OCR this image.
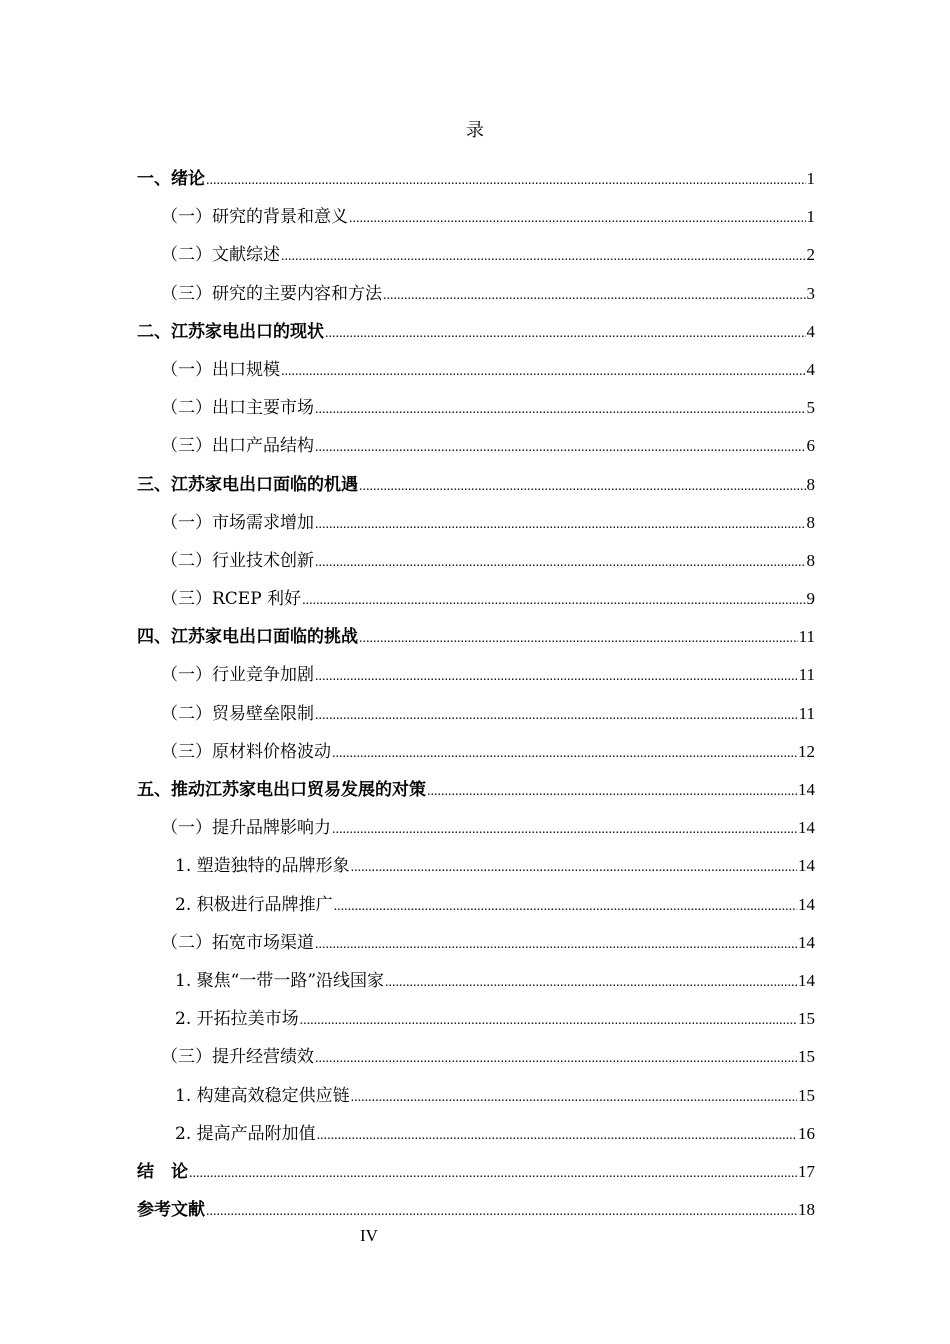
录
一、绪论 .....	1
（一）研究的背景和意义 .....	1
（二）文献综述 .....	2
（三）研究的主要内容和方法 .....	3
二、江苏家电出口的现状 .....	4
（一）出口规模 .....	4
（二）出口主要市场 .....	5
（三）出口产品结构 .....	6
三、江苏家电出口面临的机遇 .....	8
（一）市场需求增加 .....	8
（二）行业技术创新 .....	8
（三）RCEP 利好 .....	9
四、江苏家电出口面临的挑战 .....	11
（一）行业竞争加剧 .....	11
（二）贸易壁垒限制 .....	11
（三）原材料价格波动 .....	12
五、推动江苏家电出口贸易发展的对策 .....	14
（一）提升品牌影响力 .....	14
1. 塑造独特的品牌形象 .....	14
2. 积极进行品牌推广 .....	14
（二）拓宽市场渠道 .....	14
1. 聚焦“一带一路”沿线国家 .....	14
2. 开拓拉美市场 .....	15
（三）提升经营绩效 .....	15
1. 构建高效稳定供应链 .....	15
2. 提高产品附加值 .....	16
结　论 .....	17
参考文献 .....	18
IV
